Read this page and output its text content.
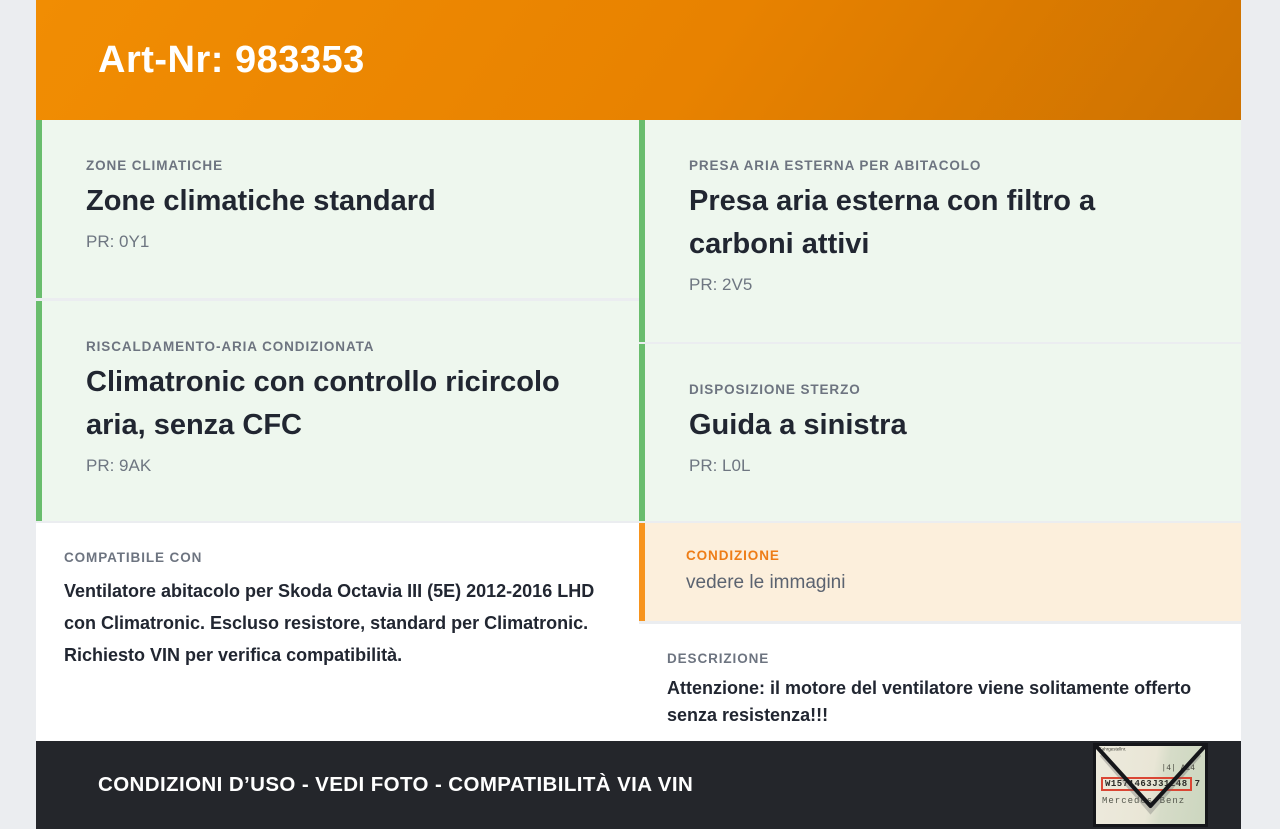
Art-Nr: 983353
ZONE CLIMATICHE
Zone climatiche standard
PR: 0Y1
RISCALDAMENTO-ARIA CONDIZIONATA
Climatronic con controllo ricircolo aria, senza CFC
PR: 9AK
COMPATIBILE CON
Ventilatore abitacolo per Skoda Octavia III (5E) 2012-2016 LHD con Climatronic. Escluso resistore, standard per Climatronic. Richiesto VIN per verifica compatibilità.
PRESA ARIA ESTERNA PER ABITACOLO
Presa aria esterna con filtro a carboni attivi
PR: 2V5
DISPOSIZIONE STERZO
Guida a sinistra
PR: L0L
CONDIZIONE
vedere le immagini
DESCRIZIONE
Attenzione: il motore del ventilatore viene solitamente offerto senza resistenza!!!
CONDIZIONI D’USO - VEDI FOTO - COMPATIBILITÀ VIA VIN
Fahrgestellnr.
|4| A14
W1571463J31248 7
Mercedes-Benz
